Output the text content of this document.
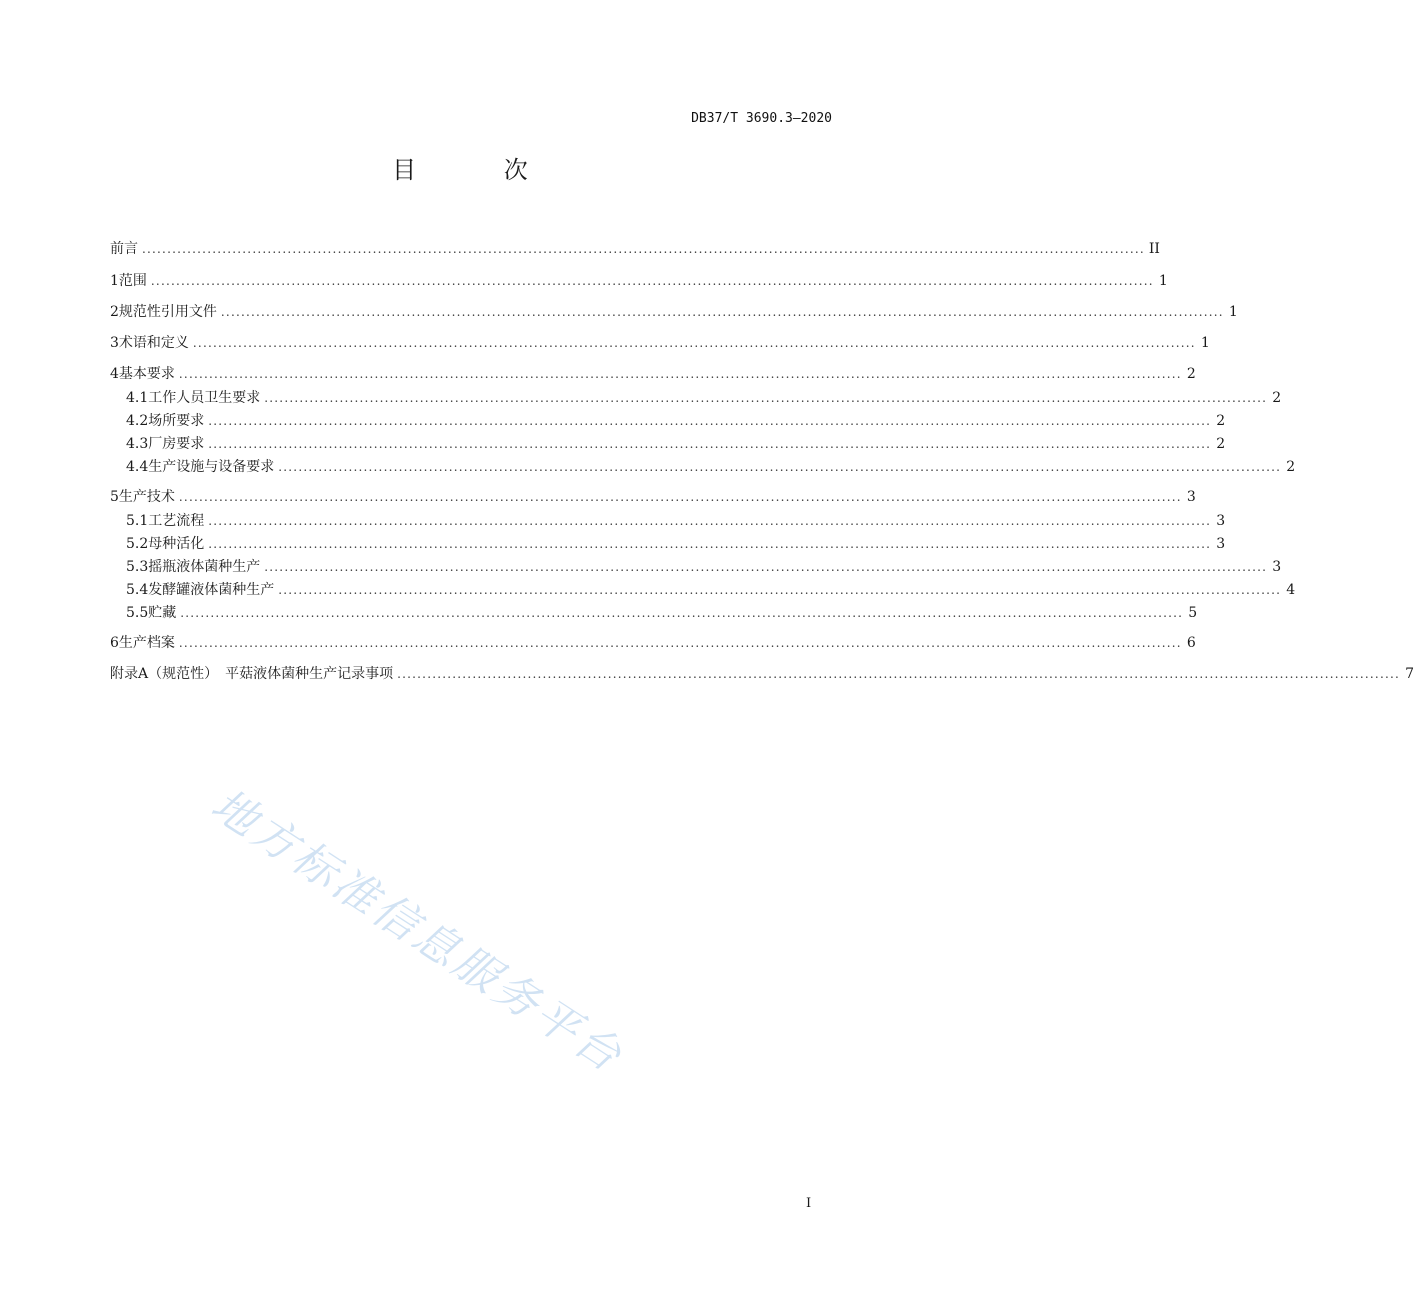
DB37/T 3690.3—2020
目 次
前言 ........................................................................................................................................................................................................ II
1 范围 ........................................................................................................................................................................................................ 1
2 规范性引用文件 ........................................................................................................................................................................................................ 1
3 术语和定义 ........................................................................................................................................................................................................ 1
4 基本要求 ........................................................................................................................................................................................................ 2
4.1 工作人员卫生要求 ........................................................................................................................................................................................................ 2
4.2 场所要求 ........................................................................................................................................................................................................ 2
4.3 厂房要求 ........................................................................................................................................................................................................ 2
4.4 生产设施与设备要求 ........................................................................................................................................................................................................ 2
5 生产技术 ........................................................................................................................................................................................................ 3
5.1 工艺流程 ........................................................................................................................................................................................................ 3
5.2 母种活化 ........................................................................................................................................................................................................ 3
5.3 摇瓶液体菌种生产 ........................................................................................................................................................................................................ 3
5.4 发酵罐液体菌种生产 ........................................................................................................................................................................................................ 4
5.5 贮藏 ........................................................................................................................................................................................................ 5
6 生产档案 ........................................................................................................................................................................................................ 6
附录A（规范性）　平菇液体菌种生产记录事项 ........................................................................................................................................................................................................ 7
地方标准信息服务平台
I
